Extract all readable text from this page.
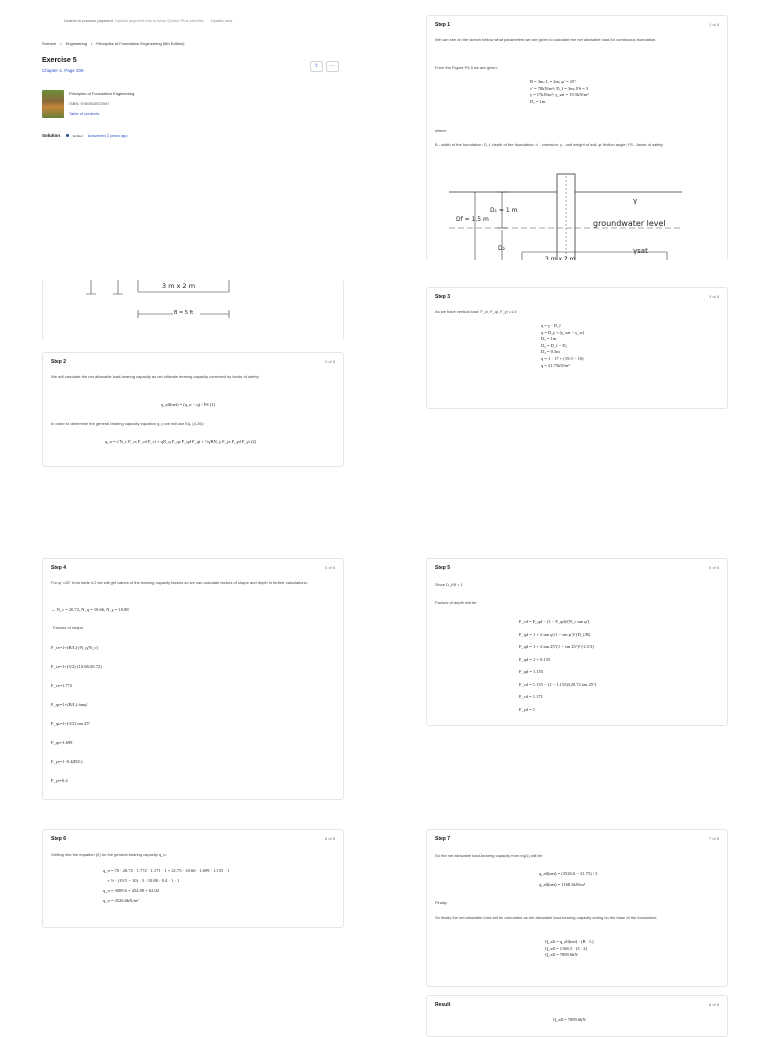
Unable to process payment. Update payment info to keep Quizlet Plus benefits Update now
Science / Engineering / Principles of Foundation Engineering (8th Edition)
Exercise 5
Chapter 4, Page 209
⇪	⋯
Principles of Foundation Engineering
ISBN: 9780553537697
Table of contents
Solution	Verified Answered 2 years ago
Step 1	1 of 8
We can see on the sketch bellow what parameters we are given to calculate the net allowable load for continuous foundation.
From the Figure P4.5 we are given:
B = 3m; L = 2m; φ′ = 25°
c′ = 70kN/m²; D_f = 3m; FS = 3
γ = 17kN/m³; γ_sat = 19.5kN/m³
D₁ = 1m
where:
B - width of the foundation; D_f -depth of the foundation; c′ - cohesion; γ - unit weight of soil; φ′ friction angle; FS - factor of safety
γ
D₁ = 1 m
Df = 1.5 m	groundwater level
D₂	γsat
3 m x 2 m
3 m x 2 m
B = 5 ft
Step 2	2 of 8
We will calculate the net allowable load-bearing capacity as net ultimate bearing capacity corrected by factor of safety:
q_all(net) = (q_u − q) / FS (1)
In order to determine the general bearing capacity equation q_u we will use Eq. (4.26):
q_u = c′N_c F_cs F_cd F_ci + qN_q F_qs F_qd F_qi + ½γBN_γ F_γs F_γd F_γi (2)
Step 3	3 of 8
As we have vertical load: F_ci, F_qi, F_γi =1.0
q = γ · D_f
q = D₁γ + (γ_sat − γ_w)
D₁ = 1m
D₂ = D_f − D₁
D₂ = 0.5m
q = 1 · 17 + (19.5 − 10)
q = 21.75kN/m²
Step 4	4 of 8
For φ′ =25° from table 4.2 we will get values of the bearing capacity factors so we can calculate factors of shape and depth in further calculations:
→ N_c = 20.72, N_q = 10.66, N_γ = 10.88
Factors of shape:
F_cs=1+(B/L)·(N_q/N_c)
F_cs=1+(3/2)·(10.66/20.72)
F_cs=1.772
F_qs=1+(B/L)·tanφ′
F_qs=1+(3/2)·tan 25°
F_qs=1.699
F_γs=1−0.4(B/L)
F_γs=0.4
Step 5	5 of 8
Since D_f/B < 1
Factors of depth will be:
F_cd = F_qd − (1 − F_qd)/(N_c tan φ′)
F_qd = 1 + 2 tan φ′(1 − sin φ′)² (D_f/B)
F_qd = 1 + 2 tan 25°(1 − sin 25°)² (1.5/3)
F_qd = 1 + 0.155
F_qd = 1.155
F_cd = 1.155 − (1 − 1.155)/(20.72 tan 25°)
F_cd = 1.171
F_γd = 1
Step 6	6 of 8
Getting into the equation (2) for the general bearing capacity q_u:
q_u = 70 · 20.72 · 1.772 · 1.171 · 1 + 21.75 · 10.66 · 1.699 · 1.155 · 1
+ ½ · (19.5 − 10) · 3 · 10.88 · 0.4 · 1 · 1
q_u = 3009.6 + 454.98 + 62.02
q_u = 3526.6kN/m²
Step 7	7 of 8
So the net allowable load-bearing capacity from eq(1) will be:
q_all(net) = (3526.6 − 21.75) / 3
q_all(net) = 1168.3kN/m²
Finally:
So finally the net allowable load will be calculated as net allowable load-bearing capacity acting on the base of the foundation:
Q_all = q_all(net) · (B · L)
Q_all = 1168.3 · (3 · 2)
Q_all = 7009.6kN
Result	8 of 8
Q_all = 7009.6kN
